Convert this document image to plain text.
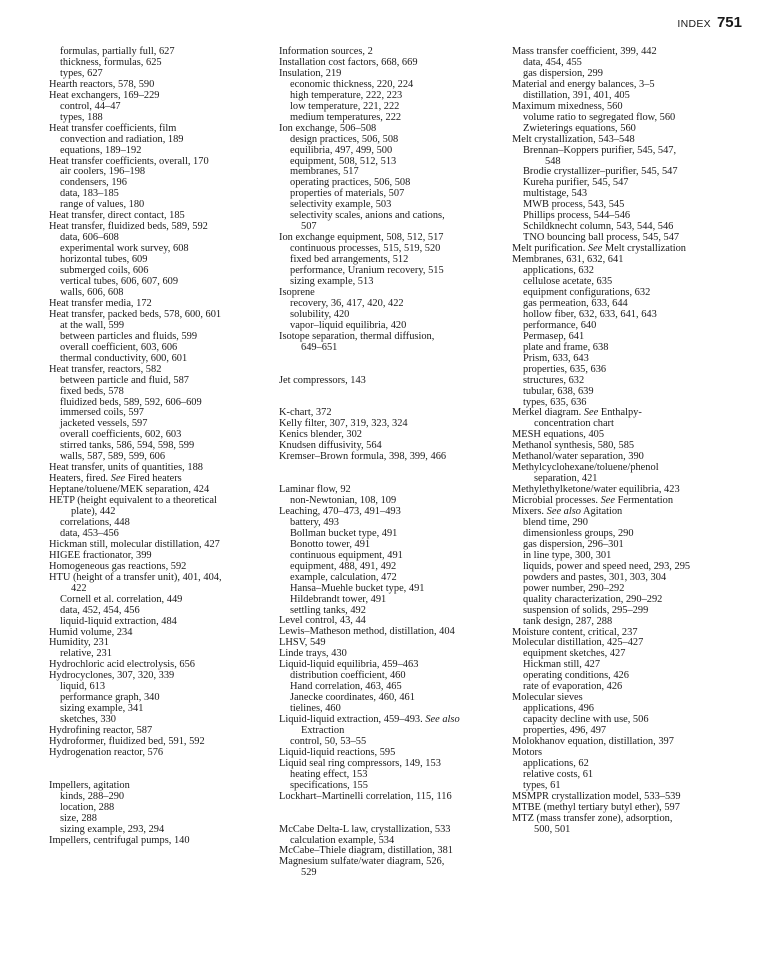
INDEX 751
formulas, partially full, 627
thickness, formulas, 625
types, 627
Hearth reactors, 578, 590
Heat exchangers, 169–229
control, 44–47
types, 188
Heat transfer coefficients, film
convection and radiation, 189
equations, 189–192
Heat transfer coefficients, overall, 170
air coolers, 196–198
condensers, 196
data, 183–185
range of values, 180
Heat transfer, direct contact, 185
Heat transfer, fluidized beds, 589, 592
data, 606–608
experimental work survey, 608
horizontal tubes, 609
submerged coils, 606
vertical tubes, 606, 607, 609
walls, 606, 608
Heat transfer media, 172
Heat transfer, packed beds, 578, 600, 601
at the wall, 599
between particles and fluids, 599
overall coefficient, 603, 606
thermal conductivity, 600, 601
Heat transfer, reactors, 582
between particle and fluid, 587
fixed beds, 578
fluidized beds, 589, 592, 606–609
immersed coils, 597
jacketed vessels, 597
overall coefficients, 602, 603
stirred tanks, 586, 594, 598, 599
walls, 587, 589, 599, 606
Heat transfer, units of quantities, 188
Heaters, fired. See Fired heaters
Heptane/toluene/MEK separation, 424
HETP (height equivalent to a theoretical
plate), 442
correlations, 448
data, 453–456
Hickman still, molecular distillation, 427
HIGEE fractionator, 399
Homogeneous gas reactions, 592
HTU (height of a transfer unit), 401, 404,
422
Cornell et al. correlation, 449
data, 452, 454, 456
liquid-liquid extraction, 484
Humid volume, 234
Humidity, 231
relative, 231
Hydrochloric acid electrolysis, 656
Hydrocyclones, 307, 320, 339
liquid, 613
performance graph, 340
sizing example, 341
sketches, 330
Hydrofining reactor, 587
Hydroformer, fluidized bed, 591, 592
Hydrogenation reactor, 576
Impellers, agitation
kinds, 288–290
location, 288
size, 288
sizing example, 293, 294
Impellers, centrifugal pumps, 140
Information sources, 2
Installation cost factors, 668, 669
Insulation, 219
economic thickness, 220, 224
high temperature, 222, 223
low temperature, 221, 222
medium temperatures, 222
Ion exchange, 506–508
design practices, 506, 508
equilibria, 497, 499, 500
equipment, 508, 512, 513
membranes, 517
operating practices, 506, 508
properties of materials, 507
selectivity example, 503
selectivity scales, anions and cations,
507
Ion exchange equipment, 508, 512, 517
continuous processes, 515, 519, 520
fixed bed arrangements, 512
performance, Uranium recovery, 515
sizing example, 513
Isoprene
recovery, 36, 417, 420, 422
solubility, 420
vapor–liquid equilibria, 420
Isotope separation, thermal diffusion,
649–651
Jet compressors, 143
K-chart, 372
Kelly filter, 307, 319, 323, 324
Kenics blender, 302
Knudsen diffusivity, 564
Kremser–Brown formula, 398, 399, 466
Laminar flow, 92
non-Newtonian, 108, 109
Leaching, 470–473, 491–493
battery, 493
Bollman bucket type, 491
Bonotto tower, 491
continuous equipment, 491
equipment, 488, 491, 492
example, calculation, 472
Hansa–Muehle bucket type, 491
Hildebrandt tower, 491
settling tanks, 492
Level control, 43, 44
Lewis–Matheson method, distillation, 404
LHSV, 549
Linde trays, 430
Liquid-liquid equilibria, 459–463
distribution coefficient, 460
Hand correlation, 463, 465
Janecke coordinates, 460, 461
tielines, 460
Liquid-liquid extraction, 459–493. See also
Extraction
control, 50, 53–55
Liquid-liquid reactions, 595
Liquid seal ring compressors, 149, 153
heating effect, 153
specifications, 155
Lockhart–Martinelli correlation, 115, 116
McCabe Delta-L law, crystallization, 533
calculation example, 534
McCabe–Thiele diagram, distillation, 381
Magnesium sulfate/water diagram, 526,
529
Mass transfer coefficient, 399, 442
data, 454, 455
gas dispersion, 299
Material and energy balances, 3–5
distillation, 391, 401, 405
Maximum mixedness, 560
volume ratio to segregated flow, 560
Zwieterings equations, 560
Melt crystallization, 543–548
Brennan–Koppers purifier, 545, 547,
548
Brodie crystallizer–purifier, 545, 547
Kureha purifier, 545, 547
multistage, 543
MWB process, 543, 545
Phillips process, 544–546
Schildknecht column, 543, 544, 546
TNO bouncing ball process, 545, 547
Melt purification. See Melt crystallization
Membranes, 631, 632, 641
applications, 632
cellulose acetate, 635
equipment configurations, 632
gas permeation, 633, 644
hollow fiber, 632, 633, 641, 643
performance, 640
Permasep, 641
plate and frame, 638
Prism, 633, 643
properties, 635, 636
structures, 632
tubular, 638, 639
types, 635, 636
Merkel diagram. See Enthalpy-
concentration chart
MESH equations, 405
Methanol synthesis, 580, 585
Methanol/water separation, 390
Methylcyclohexane/toluene/phenol
separation, 421
Methylethylketone/water equilibria, 423
Microbial processes. See Fermentation
Mixers. See also Agitation
blend time, 290
dimensionless groups, 290
gas dispersion, 296–301
in line type, 300, 301
liquids, power and speed need, 293, 295
powders and pastes, 301, 303, 304
power number, 290–292
quality characterization, 290–292
suspension of solids, 295–299
tank design, 287, 288
Moisture content, critical, 237
Molecular distillation, 425–427
equipment sketches, 427
Hickman still, 427
operating conditions, 426
rate of evaporation, 426
Molecular sieves
applications, 496
capacity decline with use, 506
properties, 496, 497
Molokhanov equation, distillation, 397
Motors
applications, 62
relative costs, 61
types, 61
MSMPR crystallization model, 533–539
MTBE (methyl tertiary butyl ether), 597
MTZ (mass transfer zone), adsorption,
500, 501
